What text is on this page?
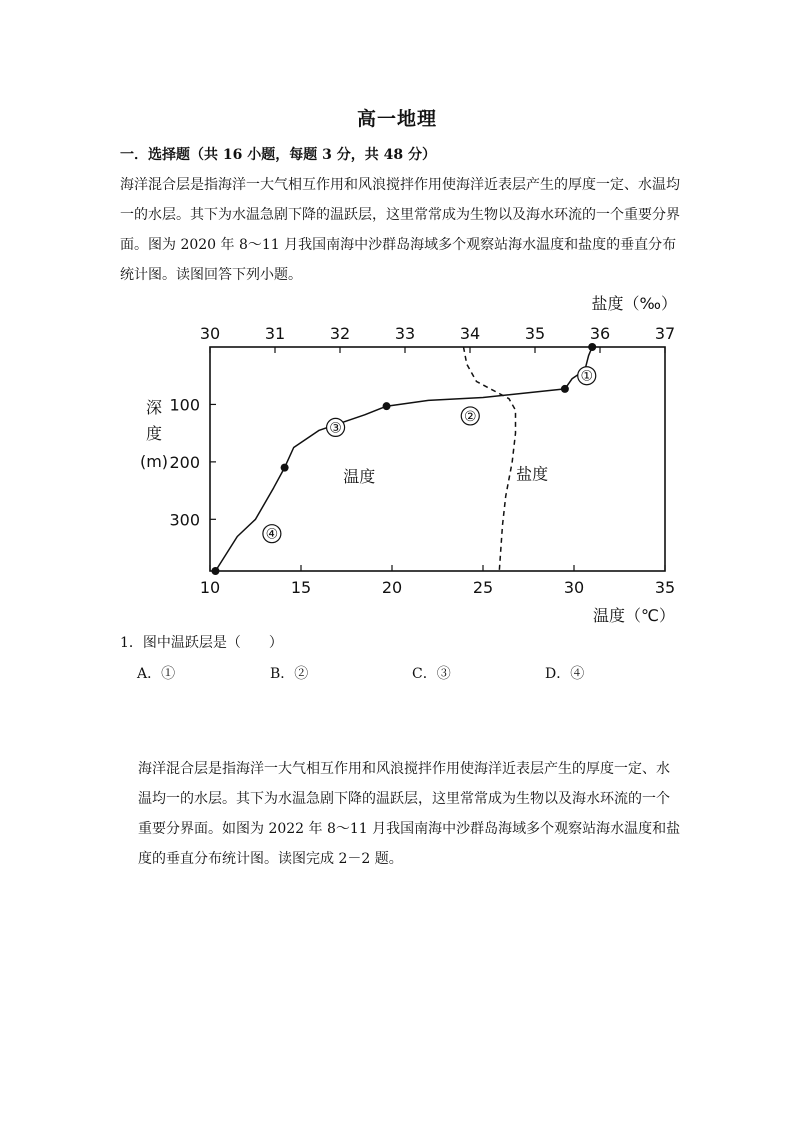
高一地理
一．选择题（共 16 小题，每题 3 分，共 48 分）
海洋混合层是指海洋一大气相互作用和风浪搅拌作用使海洋近表层产生的厚度一定、水温均一的水层。其下为水温急剧下降的温跃层，这里常常成为生物以及海水环流的一个重要分界面。图为 2020 年 8～11 月我国南海中沙群岛海域多个观察站海水温度和盐度的垂直分布统计图。读图回答下列小题。
10	15	20	25	30	35
温度（℃）
30	31	32	33	34	35	36	37
盐度（‰）
100
200
300
深
度
(m)
①
②
③
④
温度	盐度
1．图中温跃层是（　　）
A．①	B．②	C．③	D．④
海洋混合层是指海洋一大气相互作用和风浪搅拌作用使海洋近表层产生的厚度一定、水温均一的水层。其下为水温急剧下降的温跃层，这里常常成为生物以及海水环流的一个重要分界面。如图为 2022 年 8～11 月我国南海中沙群岛海域多个观察站海水温度和盐度的垂直分布统计图。读图完成 2－2 题。
